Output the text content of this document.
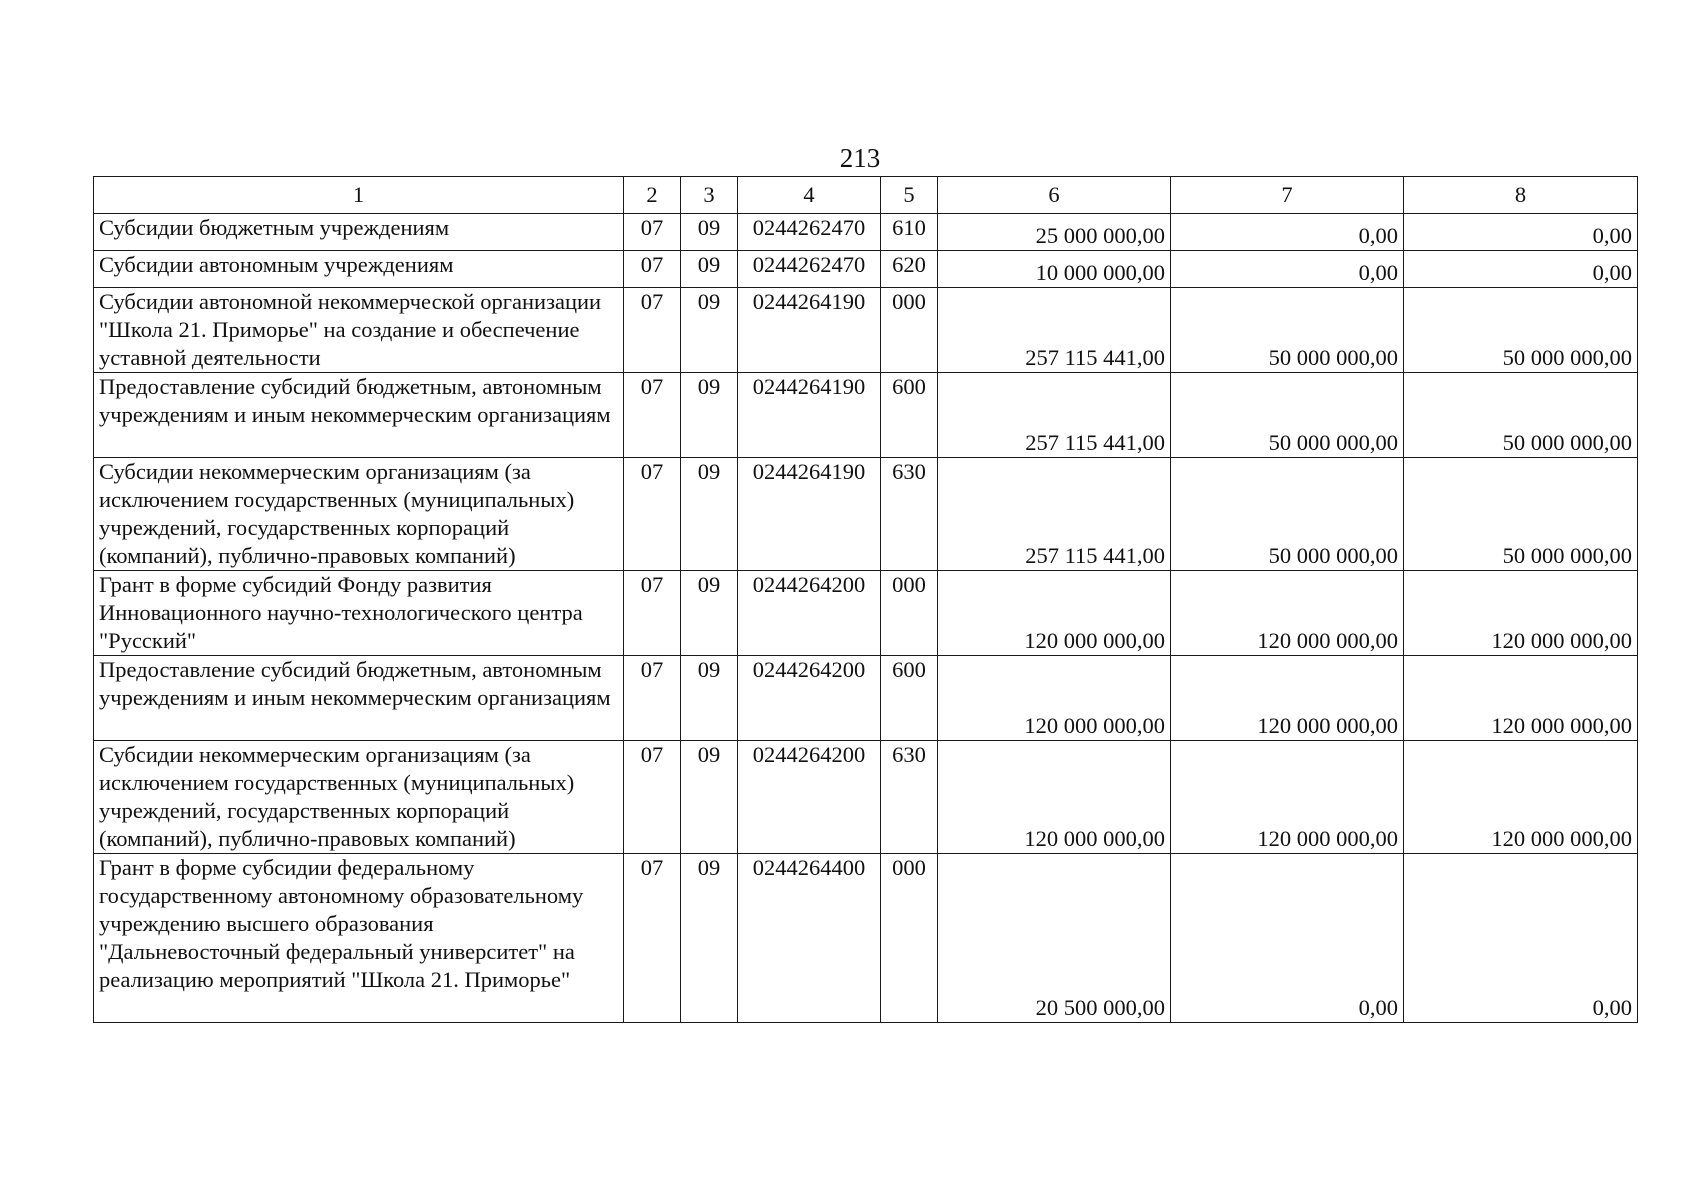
213
1	2	3	4	5	6	7	8
Субсидии бюджетным учреждениям	07	09	0244262470	610	25 000 000,00	0,00	0,00
Субсидии автономным учреждениям	07	09	0244262470	620	10 000 000,00	0,00	0,00
Субсидии автономной некоммерческой организации "Школа 21. Приморье" на создание и обеспечение уставной деятельности	07	09	0244264190	000	257 115 441,00	50 000 000,00	50 000 000,00
Предоставление субсидий бюджетным, автономным учреждениям и иным некоммерческим организациям	07	09	0244264190	600	257 115 441,00	50 000 000,00	50 000 000,00
Субсидии некоммерческим организациям (за исключением государственных (муниципальных) учреждений, государственных корпораций (компаний), публично-правовых компаний)	07	09	0244264190	630	257 115 441,00	50 000 000,00	50 000 000,00
Грант в форме субсидий Фонду развития Инновационного научно-технологического центра "Русский"	07	09	0244264200	000	120 000 000,00	120 000 000,00	120 000 000,00
Предоставление субсидий бюджетным, автономным учреждениям и иным некоммерческим организациям	07	09	0244264200	600	120 000 000,00	120 000 000,00	120 000 000,00
Субсидии некоммерческим организациям (за исключением государственных (муниципальных) учреждений, государственных корпораций (компаний), публично-правовых компаний)	07	09	0244264200	630	120 000 000,00	120 000 000,00	120 000 000,00
Грант в форме субсидии федеральному государственному автономному образовательному учреждению высшего образования "Дальневосточный федеральный университет" на реализацию мероприятий "Школа 21. Приморье"	07	09	0244264400	000	20 500 000,00	0,00	0,00
